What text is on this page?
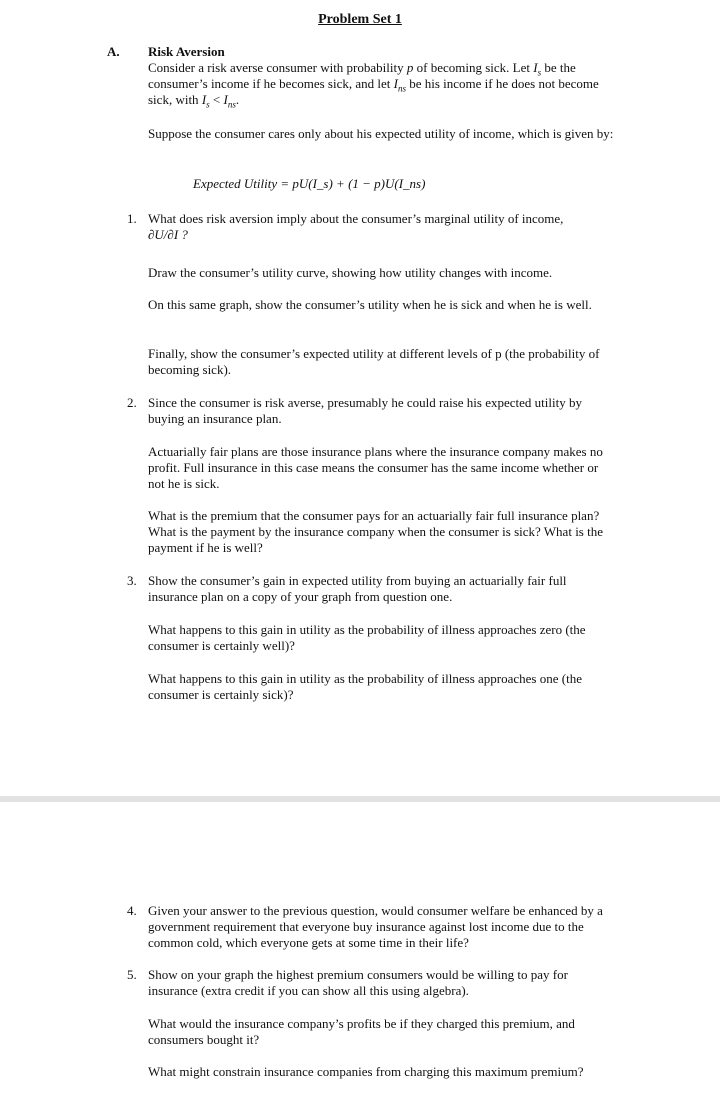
Problem Set 1
A. Risk Aversion
Consider a risk averse consumer with probability p of becoming sick. Let $I_s$ be the consumer’s income if he becomes sick, and let $I_{ns}$ be his income if he does not become sick, with $I_s < I_{ns}$.
Suppose the consumer cares only about his expected utility of income, which is given by:
Expected Utility = pU(I_s) + (1 − p)U(I_ns)
1. What does risk aversion imply about the consumer’s marginal utility of income,
∂U/∂I ?
Draw the consumer’s utility curve, showing how utility changes with income.
On this same graph, show the consumer’s utility when he is sick and when he is well.
Finally, show the consumer’s expected utility at different levels of p (the probability of becoming sick).
2. Since the consumer is risk averse, presumably he could raise his expected utility by buying an insurance plan.
Actuarially fair plans are those insurance plans where the insurance company makes no profit. Full insurance in this case means the consumer has the same income whether or not he is sick.
What is the premium that the consumer pays for an actuarially fair full insurance plan? What is the payment by the insurance company when the consumer is sick? What is the payment if he is well?
3. Show the consumer’s gain in expected utility from buying an actuarially fair full insurance plan on a copy of your graph from question one.
What happens to this gain in utility as the probability of illness approaches zero (the consumer is certainly well)?
What happens to this gain in utility as the probability of illness approaches one (the consumer is certainly sick)?
4. Given your answer to the previous question, would consumer welfare be enhanced by a government requirement that everyone buy insurance against lost income due to the common cold, which everyone gets at some time in their life?
5. Show on your graph the highest premium consumers would be willing to pay for insurance (extra credit if you can show all this using algebra).
What would the insurance company’s profits be if they charged this premium, and consumers bought it?
What might constrain insurance companies from charging this maximum premium?
